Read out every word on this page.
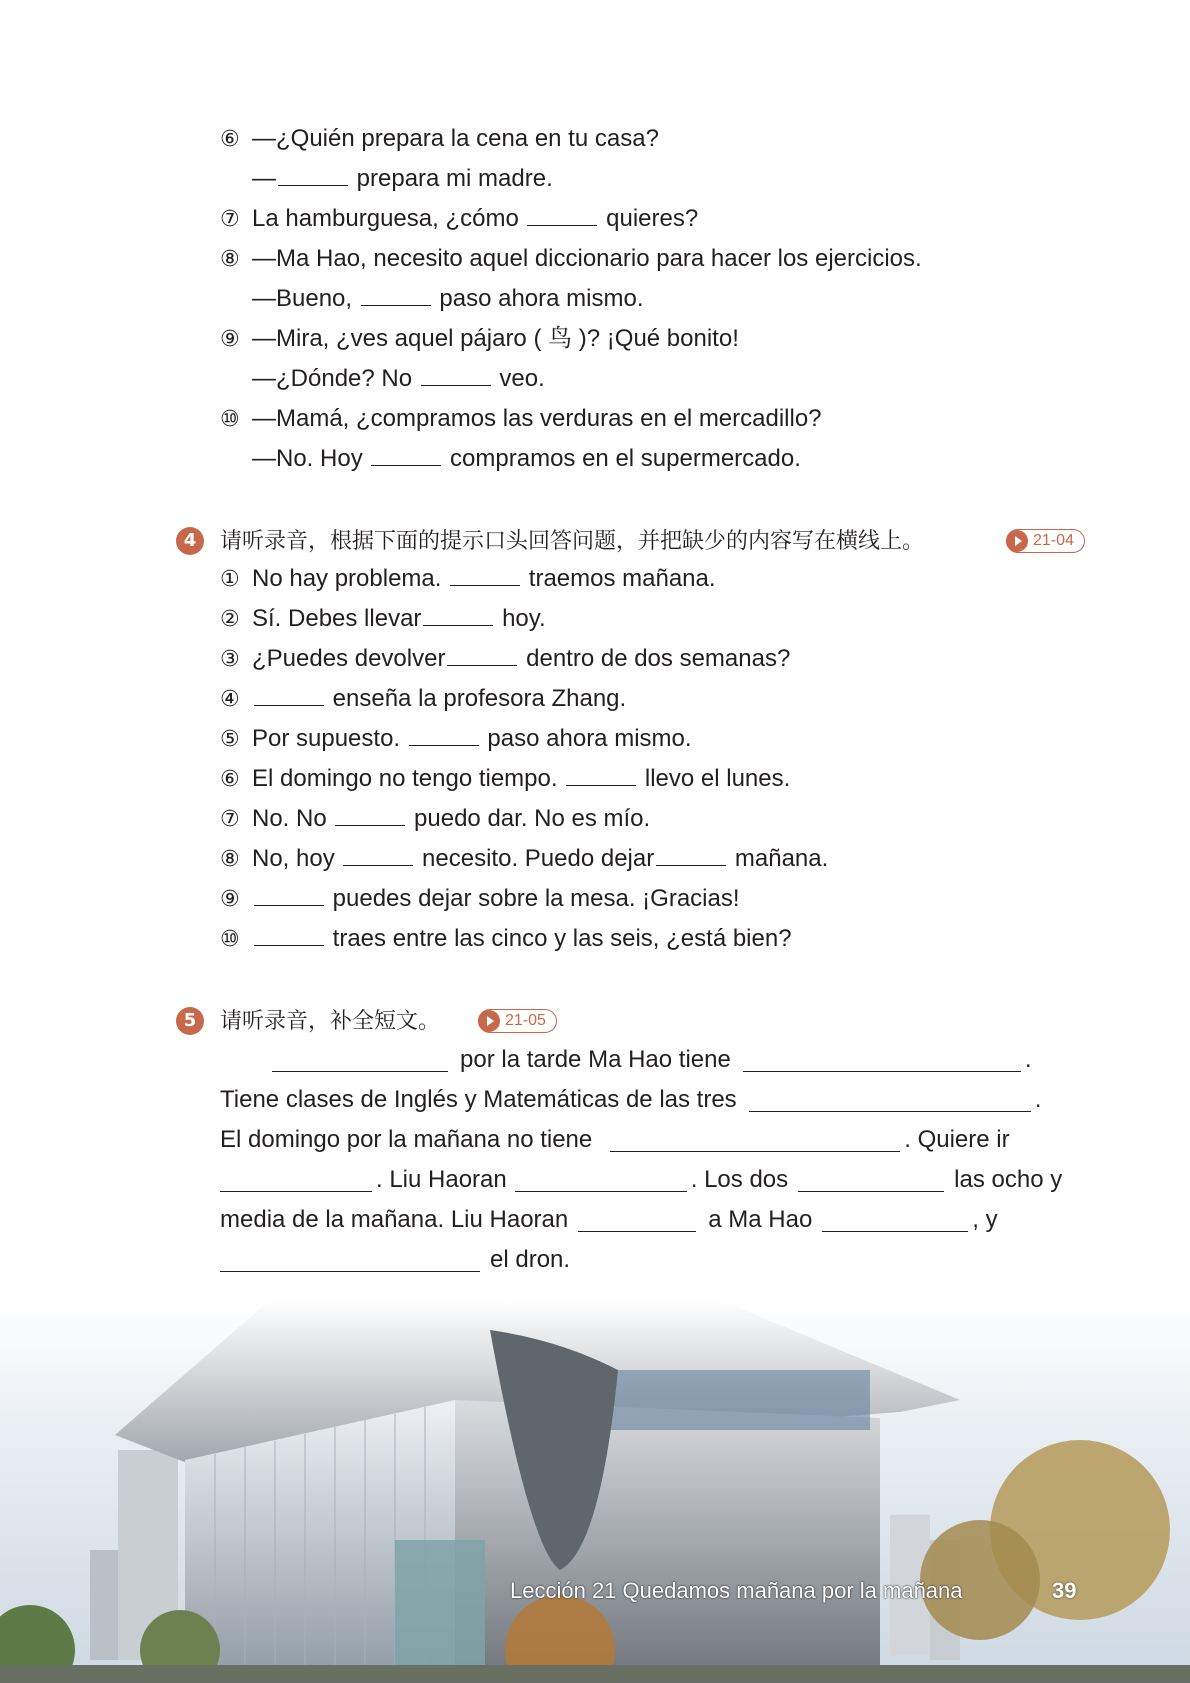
⑥ —¿Quién prepara la cena en tu casa?
—	prepara mi madre.
⑦ La hamburguesa, ¿cómo	quieres?
⑧ —Ma Hao, necesito aquel diccionario para hacer los ejercicios.
—Bueno,	paso ahora mismo.
⑨ —Mira, ¿ves aquel pájaro ( 鸟 )? ¡Qué bonito!
—¿Dónde? No	veo.
⑩ —Mamá, ¿compramos las verduras en el mercadillo?
—No. Hoy	compramos en el supermercado.
4	请听录音，根据下面的提示口头回答问题，并把缺少的内容写在横线上。	21-04
① No hay problema.	traemos mañana.
② Sí. Debes llevar	hoy.
③ ¿Puedes devolver	dentro de dos semanas?
④	enseña la profesora Zhang.
⑤ Por supuesto.	paso ahora mismo.
⑥ El domingo no tengo tiempo.	llevo el lunes.
⑦ No. No	puedo dar. No es mío.
⑧ No, hoy	necesito. Puedo dejar	mañana.
⑨	puedes dejar sobre la mesa. ¡Gracias!
⑩	traes entre las cinco y las seis, ¿está bien?
5	请听录音，补全短文。	21-05
por la tarde Ma Hao tiene	.
Tiene clases de Inglés y Matemáticas de las tres	.
El domingo por la mañana no tiene	. Quiere ir
. Liu Haoran	. Los dos	las ocho y
media de la mañana. Liu Haoran	a Ma Hao	, y
el dron.
Lección 21 Quedamos mañana por la mañana	39
